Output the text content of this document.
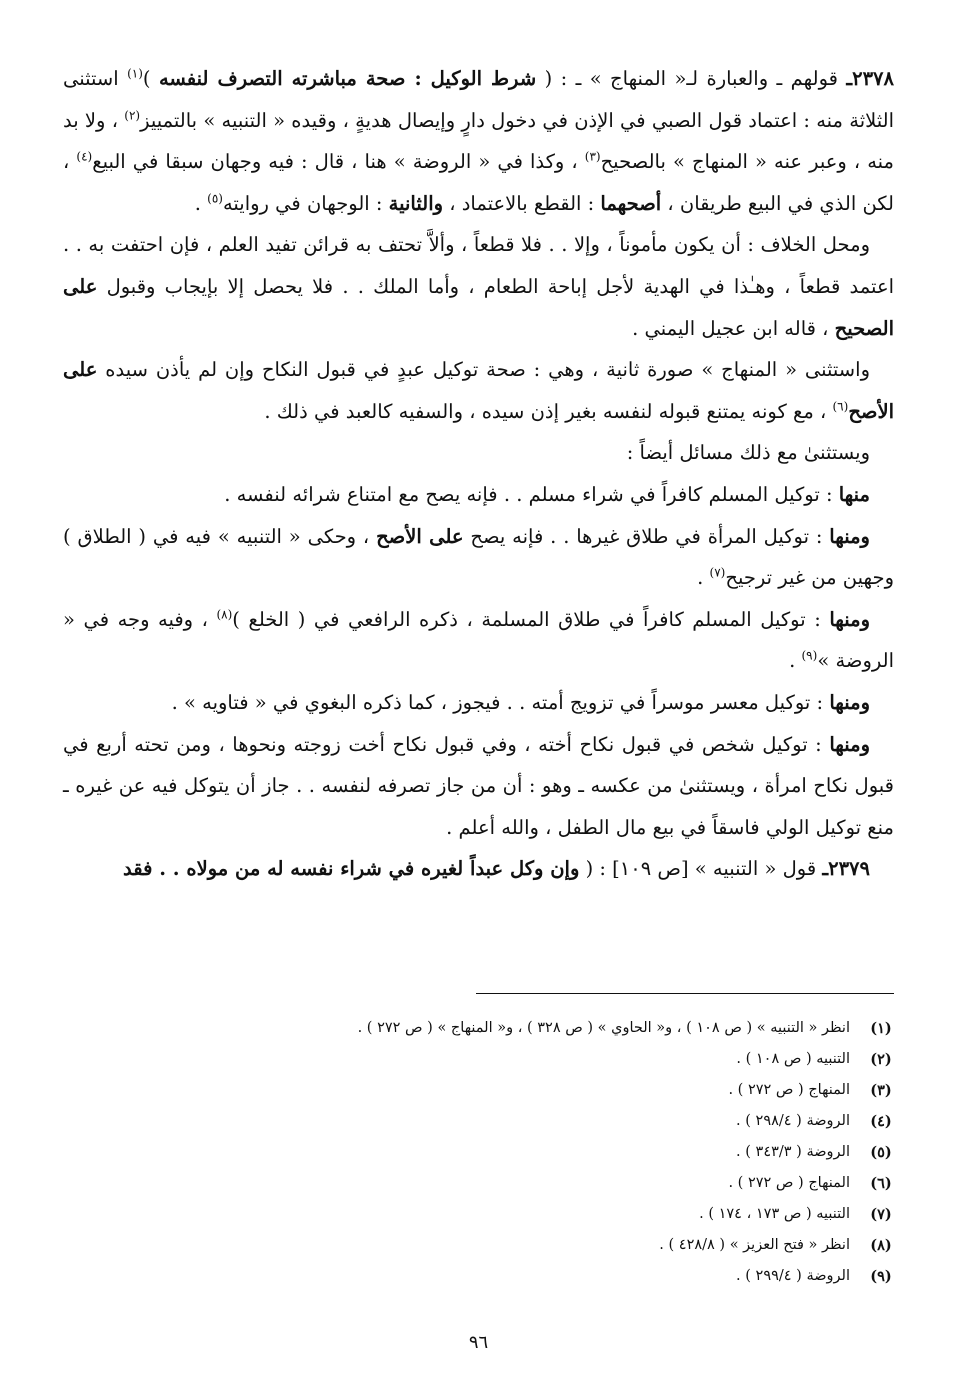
٢٣٧٨ـ قولهم ـ والعبارة لـ« المنهاج » ـ : ( شرط الوكيل : صحة مباشرته التصرف لنفسه )$^{(١)}$ استثنى الثلاثة منه : اعتماد قول الصبي في الإذن في دخول دارٍ وإيصال هديةٍ ، وقيده « التنبيه » بالتمييز$^{(٢)}$ ، ولا بد منه ، وعبر عنه « المنهاج » بالصحيح$^{(٣)}$ ، وكذا في « الروضة » هنا ، قال : فيه وجهان سبقا في البيع$^{(٤)}$ ، لكن الذي في البيع طريقان ، أصحهما : القطع بالاعتماد ، والثانية : الوجهان في روايته$^{(٥)}$ .

ومحل الخلاف : أن يكون مأموناً ، وإلا . . فلا قطعاً ، وألاَّ تحتف به قرائن تفيد العلم ، فإن احتفت به . . اعتمد قطعاً ، وهـٰذا في الهدية لأجل إباحة الطعام ، وأما الملك . . فلا يحصل إلا بإيجاب وقبول على الصحيح ، قاله ابن عجيل اليمني .

واستثنى « المنهاج » صورة ثانية ، وهي : صحة توكيل عبدٍ في قبول النكاح وإن لم يأذن سيده على الأصح$^{(٦)}$ ، مع كونه يمتنع قبوله لنفسه بغير إذن سيده ، والسفيه كالعبد في ذلك .

ويستثنىٰ مع ذلك مسائل أيضاً :

منها : توكيل المسلم كافراً في شراء مسلم . . فإنه يصح مع امتناع شرائه لنفسه .

ومنها : توكيل المرأة في طلاق غيرها . . فإنه يصح على الأصح ، وحكى « التنبيه » فيه في ( الطلاق ) وجهين من غير ترجيح$^{(٧)}$ .

ومنها : توكيل المسلم كافراً في طلاق المسلمة ، ذكره الرافعي في ( الخلع )$^{(٨)}$ ، وفيه وجه في « الروضة »$^{(٩)}$ .

ومنها : توكيل معسر موسراً في تزويج أمته . . فيجوز ، كما ذكره البغوي في « فتاويه » .

ومنها : توكيل شخص في قبول نكاح أخته ، وفي قبول نكاح أخت زوجته ونحوها ، ومن تحته أربع في قبول نكاح امرأة ، ويستثنىٰ من عكسه ـ وهو : أن من جاز تصرفه لنفسه . . جاز أن يتوكل فيه عن غيره ـ منع توكيل الولي فاسقاً في بيع مال الطفل ، والله أعلم .

٢٣٧٩ـ قول « التنبيه » [ص ١٠٩] : ( وإن وكل عبداً لغيره في شراء نفسه له من مولاه . . فقد

(١)
انظر « التنبيه » ( ص ١٠٨ ) ، و« الحاوي » ( ص ٣٢٨ ) ، و« المنهاج » ( ص ٢٧٢ ) .
(٢)
التنبيه ( ص ١٠٨ ) .
(٣)
المنهاج ( ص ٢٧٢ ) .
(٤)
الروضة ( ٢٩٨/٤ ) .
(٥)
الروضة ( ٣٤٣/٣ ) .
(٦)
المنهاج ( ص ٢٧٢ ) .
(٧)
التنبيه ( ص ١٧٣ ، ١٧٤ ) .
(٨)
انظر « فتح العزيز » ( ٤٢٨/٨ ) .
(٩)
الروضة ( ٢٩٩/٤ ) .
٩٦
